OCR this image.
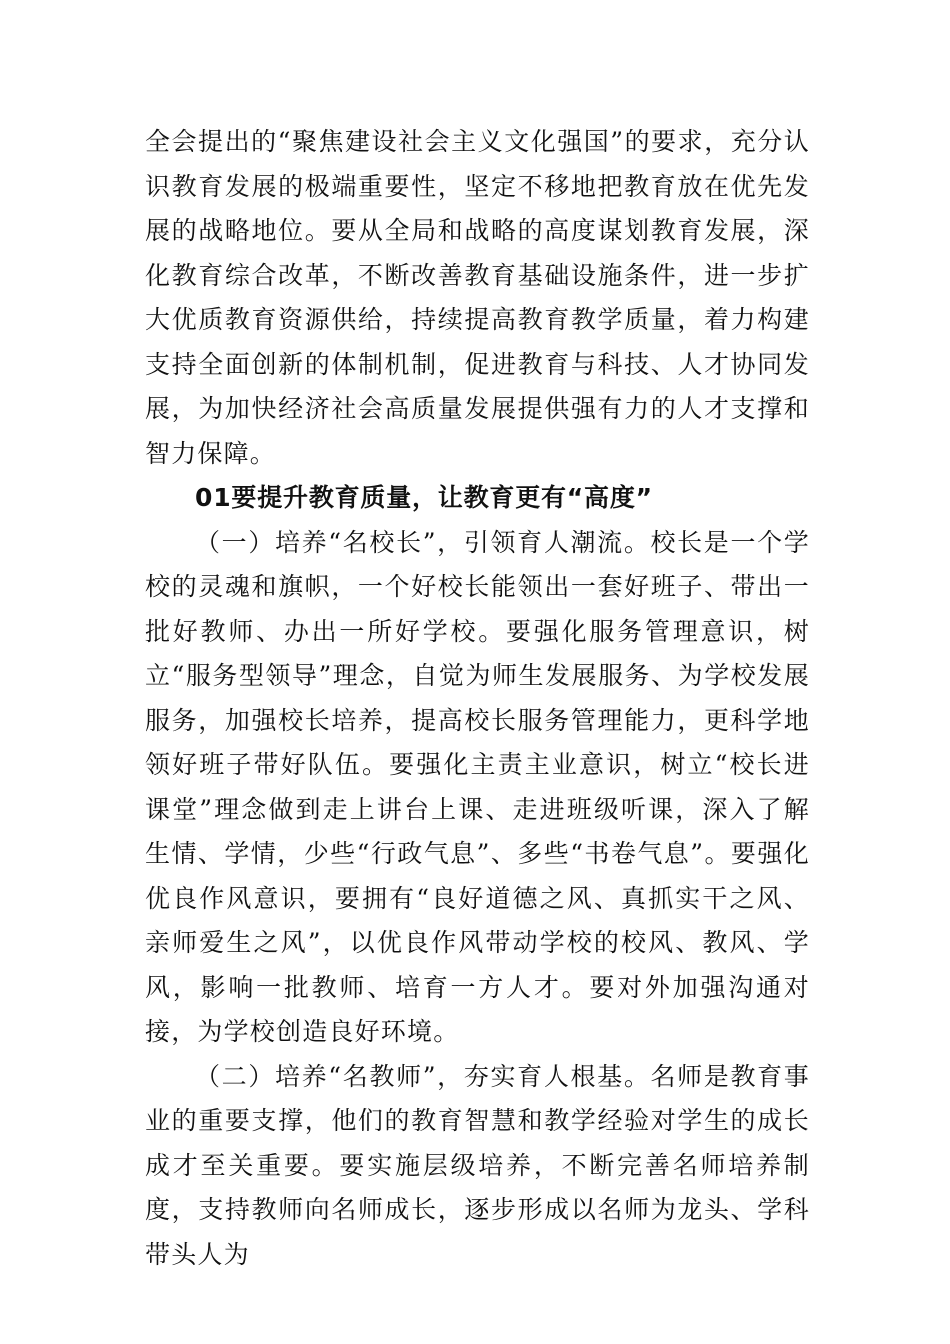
全会提出的“聚焦建设社会主义文化强国”的要求，充分认识教育发展的极端重要性，坚定不移地把教育放在优先发展的战略地位。要从全局和战略的高度谋划教育发展，深化教育综合改革，不断改善教育基础设施条件，进一步扩大优质教育资源供给，持续提高教育教学质量，着力构建支持全面创新的体制机制，促进教育与科技、人才协同发展，为加快经济社会高质量发展提供强有力的人才支撑和智力保障。

01要提升教育质量，让教育更有“高度”

（一）培养“名校长”，引领育人潮流。校长是一个学校的灵魂和旗帜，一个好校长能领出一套好班子、带出一批好教师、办出一所好学校。要强化服务管理意识，树立“服务型领导”理念，自觉为师生发展服务、为学校发展服务，加强校长培养，提高校长服务管理能力，更科学地领好班子带好队伍。要强化主责主业意识，树立“校长进课堂”理念做到走上讲台上课、走进班级听课，深入了解生情、学情，少些“行政气息”、多些“书卷气息”。要强化优良作风意识，要拥有“良好道德之风、真抓实干之风、亲师爱生之风”，以优良作风带动学校的校风、教风、学风，影响一批教师、培育一方人才。要对外加强沟通对接，为学校创造良好环境。

（二）培养“名教师”，夯实育人根基。名师是教育事业的重要支撑，他们的教育智慧和教学经验对学生的成长成才至关重要。要实施层级培养，不断完善名师培养制度，支持教师向名师成长，逐步形成以名师为龙头、学科带头人为
